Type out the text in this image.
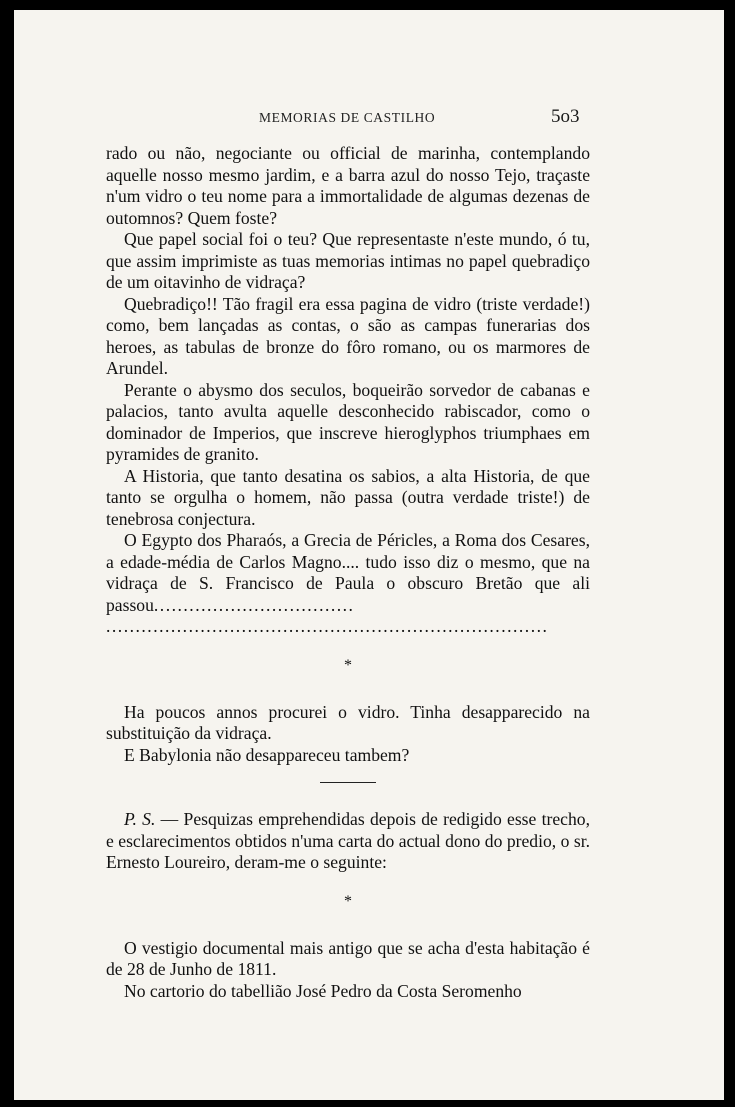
MEMORIAS DE CASTILHO	5o3

rado ou não, negociante ou official de marinha, contemplando aquelle nosso mesmo jardim, e a barra azul do nosso Tejo, traçaste n'um vidro o teu nome para a immortalidade de algumas dezenas de outomnos? Quem foste?

Que papel social foi o teu? Que representaste n'este mundo, ó tu, que assim imprimiste as tuas memorias intimas no papel quebradiço de um oitavinho de vidraça?

Quebradiço!! Tão fragil era essa pagina de vidro (triste verdade!) como, bem lançadas as contas, o são as campas funerarias dos heroes, as tabulas de bronze do fôro romano, ou os marmores de Arundel.

Perante o abysmo dos seculos, boqueirão sorvedor de cabanas e palacios, tanto avulta aquelle desconhecido rabiscador, como o dominador de Imperios, que inscreve hieroglyphos triumphaes em pyramides de granito.

A Historia, que tanto desatina os sabios, a alta Historia, de que tanto se orgulha o homem, não passa (outra verdade triste!) de tenebrosa conjectura.

O Egypto dos Pharaós, a Grecia de Péricles, a Roma dos Cesares, a edade-média de Carlos Magno.... tudo isso diz o mesmo, que na vidraça de S. Francisco de Paula o obscuro Bretão que ali passou..................................

...........................................................................
*

Ha poucos annos procurei o vidro. Tinha desapparecido na substituição da vidraça.

E Babylonia não desappareceu tambem?

P. S. — Pesquizas emprehendidas depois de redigido esse trecho, e esclarecimentos obtidos n'uma carta do actual dono do predio, o sr. Ernesto Loureiro, deram-me o seguinte:

*

O vestigio documental mais antigo que se acha d'esta habitação é de 28 de Junho de 1811.

No cartorio do tabellião José Pedro da Costa Seromenho
